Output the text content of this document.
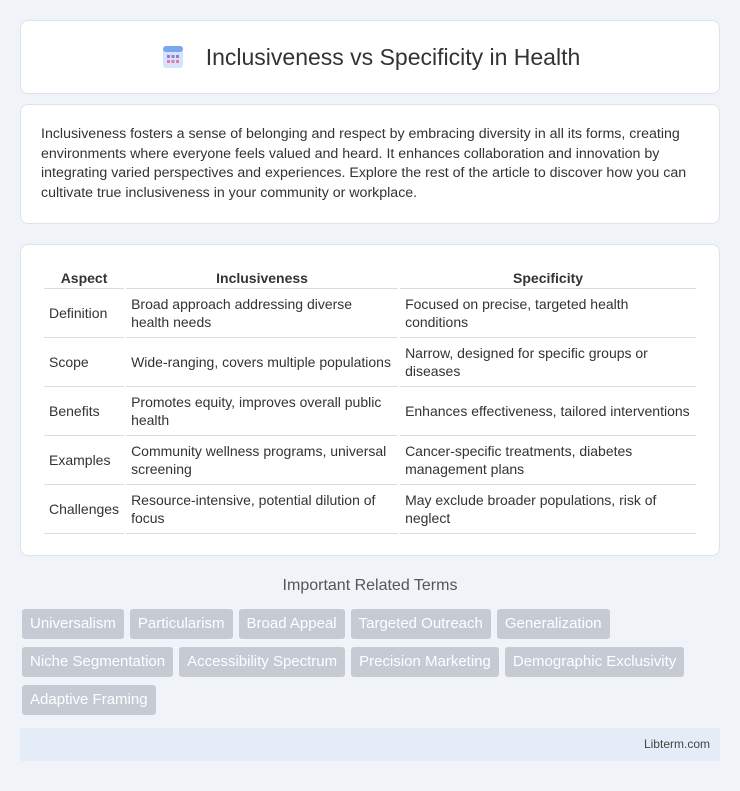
Inclusiveness vs Specificity in Health

Inclusiveness fosters a sense of belonging and respect by embracing diversity in all its forms, creating environments where everyone feels valued and heard. It enhances collaboration and innovation by integrating varied perspectives and experiences. Explore the rest of the article to discover how you can cultivate true inclusiveness in your community or workplace.

Aspect	Inclusiveness	Specificity
Definition	Broad approach addressing diverse health needs	Focused on precise, targeted health conditions
Scope	Wide-ranging, covers multiple populations	Narrow, designed for specific groups or diseases
Benefits	Promotes equity, improves overall public health	Enhances effectiveness, tailored interventions
Examples	Community wellness programs, universal screening	Cancer-specific treatments, diabetes management plans
Challenges	Resource-intensive, potential dilution of focus	May exclude broader populations, risk of neglect
Important Related Terms
Universalism	Particularism	Broad Appeal	Targeted Outreach	Generalization
Niche Segmentation	Accessibility Spectrum	Precision Marketing	Demographic Exclusivity
Adaptive Framing
Libterm.com
